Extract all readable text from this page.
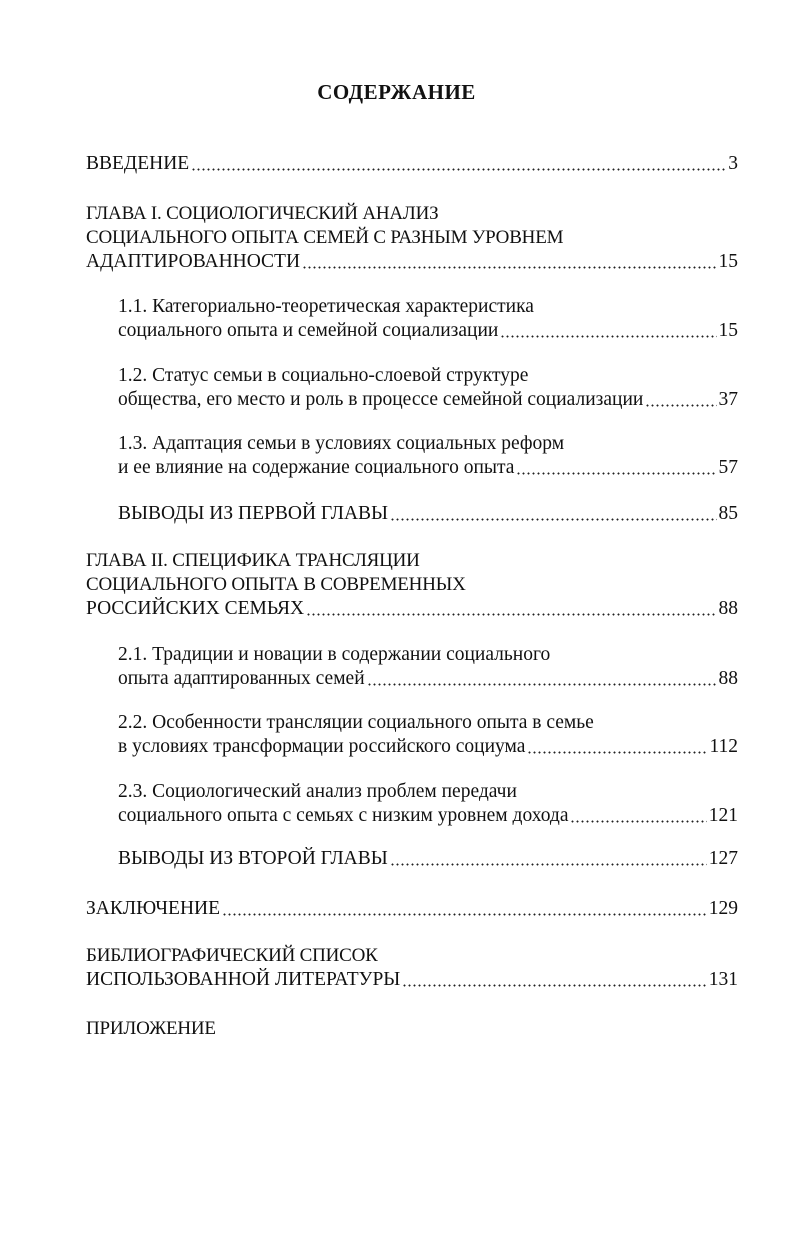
СОДЕРЖАНИЕ
ВВЕДЕНИЕ	3
ГЛАВА I. СОЦИОЛОГИЧЕСКИЙ АНАЛИЗ
СОЦИАЛЬНОГО ОПЫТА СЕМЕЙ С РАЗНЫМ УРОВНЕМ
АДАПТИРОВАННОСТИ	15
1.1. Категориально-теоретическая характеристика
социального опыта и семейной социализации	15
1.2. Статус семьи в социально-слоевой структуре
общества, его место и роль в процессе семейной социализации	37
1.3. Адаптация семьи в условиях социальных реформ
и ее влияние на содержание социального опыта	57
ВЫВОДЫ ИЗ ПЕРВОЙ ГЛАВЫ	85
ГЛАВА II. СПЕЦИФИКА ТРАНСЛЯЦИИ
СОЦИАЛЬНОГО ОПЫТА В СОВРЕМЕННЫХ
РОССИЙСКИХ СЕМЬЯХ	88
2.1. Традиции и новации в содержании социального
опыта адаптированных семей	88
2.2. Особенности трансляции социального опыта в семье
в условиях трансформации российского социума	112
2.3. Социологический анализ проблем передачи
социального опыта с семьях с низким уровнем дохода	121
ВЫВОДЫ ИЗ ВТОРОЙ ГЛАВЫ	127
ЗАКЛЮЧЕНИЕ	129
БИБЛИОГРАФИЧЕСКИЙ СПИСОК
ИСПОЛЬЗОВАННОЙ ЛИТЕРАТУРЫ	131
ПРИЛОЖЕНИЕ
